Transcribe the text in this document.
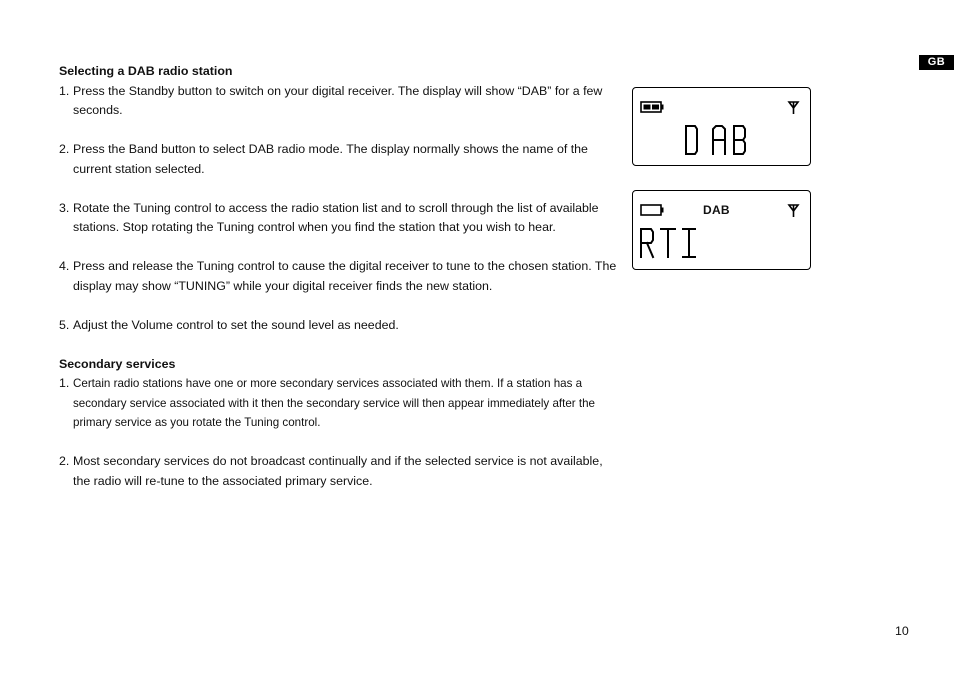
GB

Selecting a DAB radio station

1. Press the Standby button to switch on your digital receiver. The display will show “DAB” for a few seconds.
2. Press the Band button to select DAB radio mode. The display normally shows the name of the current station selected.
3. Rotate the Tuning control to access the radio station list and to scroll through the list of available stations. Stop rotating the Tuning control when you find the station that you wish to hear.
4. Press and release the Tuning control to cause the digital receiver to tune to the chosen station. The display may show “TUNING” while your digital receiver finds the new station.
5. Adjust the Volume control to set the sound level as needed.

Secondary services

1. Certain radio stations have one or more secondary services associated with them. If a station has a secondary service associated with it then the secondary service will then appear immediately after the primary service as you rotate the Tuning control.
2. Most secondary services do not broadcast continually and if the selected service is not available, the radio will re-tune to the associated primary service.
DAB
10
